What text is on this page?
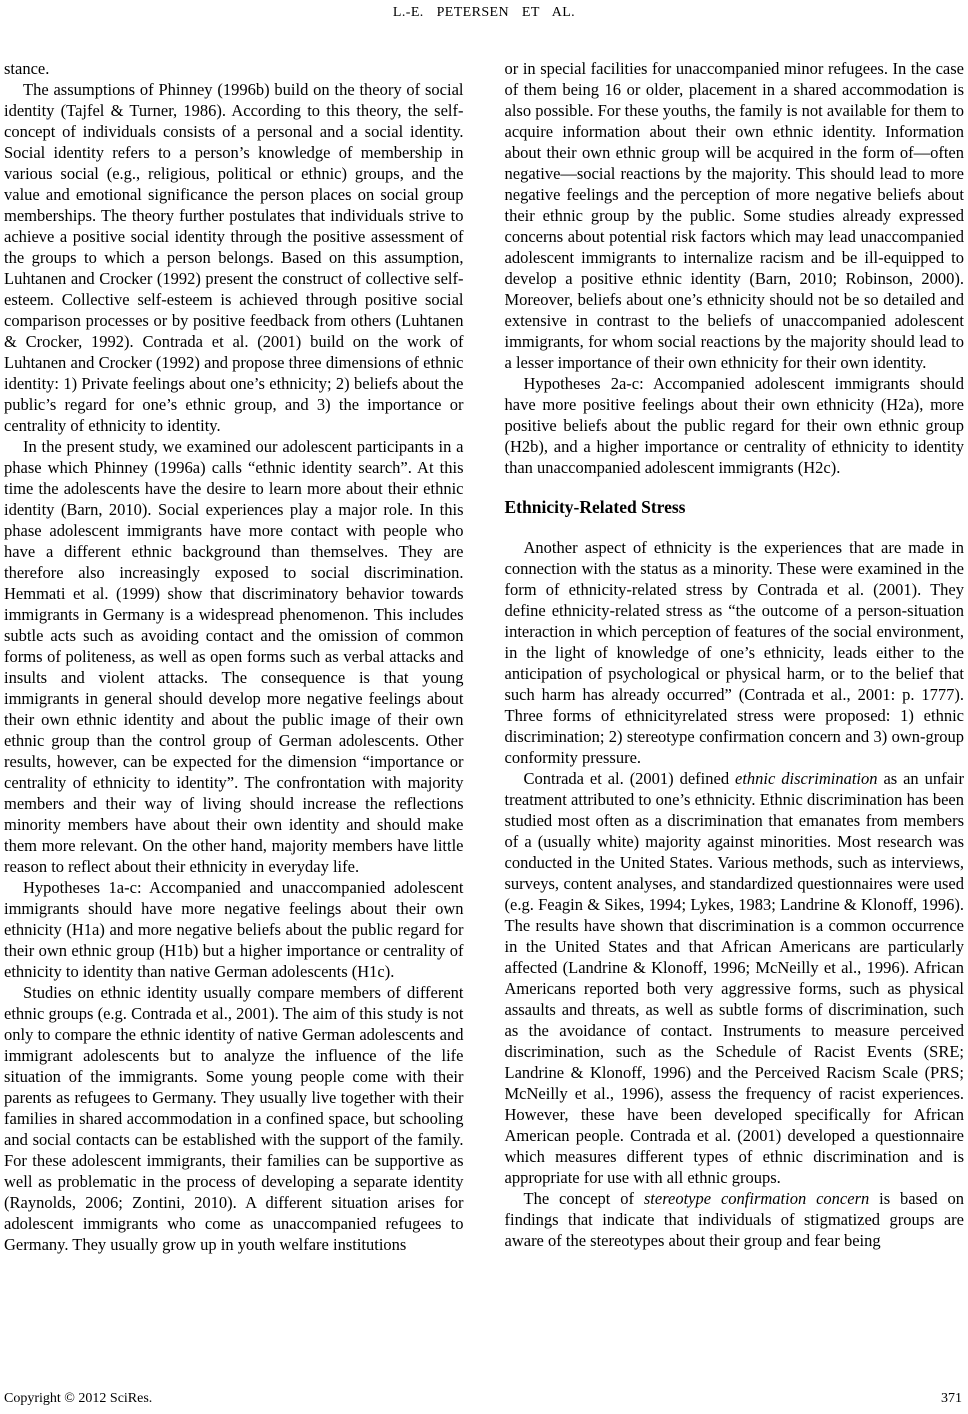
L.-E. PETERSEN ET AL.

stance.

The assumptions of Phinney (1996b) build on the theory of social identity (Tajfel & Turner, 1986). According to this theory, the self-concept of individuals consists of a personal and a social identity. Social identity refers to a person’s knowledge of membership in various social (e.g., religious, political or ethnic) groups, and the value and emotional significance the person places on social group memberships. The theory further postulates that individuals strive to achieve a positive social identity through the positive assessment of the groups to which a person belongs. Based on this assumption, Luhtanen and Crocker (1992) present the construct of collective self-esteem. Collective self-esteem is achieved through positive social comparison processes or by positive feedback from others (Luhtanen & Crocker, 1992). Contrada et al. (2001) build on the work of Luhtanen and Crocker (1992) and propose three dimensions of ethnic identity: 1) Private feelings about one’s ethnicity; 2) beliefs about the public’s regard for one’s ethnic group, and 3) the importance or centrality of ethnicity to identity.

In the present study, we examined our adolescent participants in a phase which Phinney (1996a) calls “ethnic identity search”. At this time the adolescents have the desire to learn more about their ethnic identity (Barn, 2010). Social experiences play a major role. In this phase adolescent immigrants have more contact with people who have a different ethnic background than themselves. They are therefore also increasingly exposed to social discrimination. Hemmati et al. (1999) show that discriminatory behavior towards immigrants in Germany is a widespread phenomenon. This includes subtle acts such as avoiding contact and the omission of common forms of politeness, as well as open forms such as verbal attacks and insults and violent attacks. The consequence is that young immigrants in general should develop more negative feelings about their own ethnic identity and about the public image of their own ethnic group than the control group of German adolescents. Other results, however, can be expected for the dimension “importance or centrality of ethnicity to identity”. The confrontation with majority members and their way of living should increase the reflections minority members have about their own identity and should make them more relevant. On the other hand, majority members have little reason to reflect about their ethnicity in everyday life.

Hypotheses 1a-c: Accompanied and unaccompanied adolescent immigrants should have more negative feelings about their own ethnicity (H1a) and more negative beliefs about the public regard for their own ethnic group (H1b) but a higher importance or centrality of ethnicity to identity than native German adolescents (H1c).

Studies on ethnic identity usually compare members of different ethnic groups (e.g. Contrada et al., 2001). The aim of this study is not only to compare the ethnic identity of native German adolescents and immigrant adolescents but to analyze the influence of the life situation of the immigrants. Some young people come with their parents as refugees to Germany. They usually live together with their families in shared accommodation in a confined space, but schooling and social contacts can be established with the support of the family. For these adolescent immigrants, their families can be supportive as well as problematic in the process of developing a separate identity (Raynolds, 2006; Zontini, 2010). A different situation arises for adolescent immigrants who come as unaccompanied refugees to Germany. They usually grow up in youth welfare institutions

or in special facilities for unaccompanied minor refugees. In the case of them being 16 or older, placement in a shared accommodation is also possible. For these youths, the family is not available for them to acquire information about their own ethnic identity. Information about their own ethnic group will be acquired in the form of—often negative—social reactions by the majority. This should lead to more negative feelings and the perception of more negative beliefs about their ethnic group by the public. Some studies already expressed concerns about potential risk factors which may lead unaccompanied adolescent immigrants to internalize racism and be ill-equipped to develop a positive ethnic identity (Barn, 2010; Robinson, 2000). Moreover, beliefs about one’s ethnicity should not be so detailed and extensive in contrast to the beliefs of unaccompanied adolescent immigrants, for whom social reactions by the majority should lead to a lesser importance of their own ethnicity for their own identity.

Hypotheses 2a-c: Accompanied adolescent immigrants should have more positive feelings about their own ethnicity (H2a), more positive beliefs about the public regard for their own ethnic group (H2b), and a higher importance or centrality of ethnicity to identity than unaccompanied adolescent immigrants (H2c).

Ethnicity-Related Stress

Another aspect of ethnicity is the experiences that are made in connection with the status as a minority. These were examined in the form of ethnicity-related stress by Contrada et al. (2001). They define ethnicity-related stress as “the outcome of a person-situation interaction in which perception of features of the social environment, in the light of knowledge of one’s ethnicity, leads either to the anticipation of psychological or physical harm, or to the belief that such harm has already occurred” (Contrada et al., 2001: p. 1777). Three forms of ethnicityrelated stress were proposed: 1) ethnic discrimination; 2) stereotype confirmation concern and 3) own-group conformity pressure.

Contrada et al. (2001) defined ethnic discrimination as an unfair treatment attributed to one’s ethnicity. Ethnic discrimination has been studied most often as a discrimination that emanates from members of a (usually white) majority against minorities. Most research was conducted in the United States. Various methods, such as interviews, surveys, content analyses, and standardized questionnaires were used (e.g. Feagin & Sikes, 1994; Lykes, 1983; Landrine & Klonoff, 1996). The results have shown that discrimination is a common occurrence in the United States and that African Americans are particularly affected (Landrine & Klonoff, 1996; McNeilly et al., 1996). African Americans reported both very aggressive forms, such as physical assaults and threats, as well as subtle forms of discrimination, such as the avoidance of contact. Instruments to measure perceived discrimination, such as the Schedule of Racist Events (SRE; Landrine & Klonoff, 1996) and the Perceived Racism Scale (PRS; McNeilly et al., 1996), assess the frequency of racist experiences. However, these have been developed specifically for African American people. Contrada et al. (2001) developed a questionnaire which measures different types of ethnic discrimination and is appropriate for use with all ethnic groups.

The concept of stereotype confirmation concern is based on findings that indicate that individuals of stigmatized groups are aware of the stereotypes about their group and fear being

Copyright © 2012 SciRes.	371
